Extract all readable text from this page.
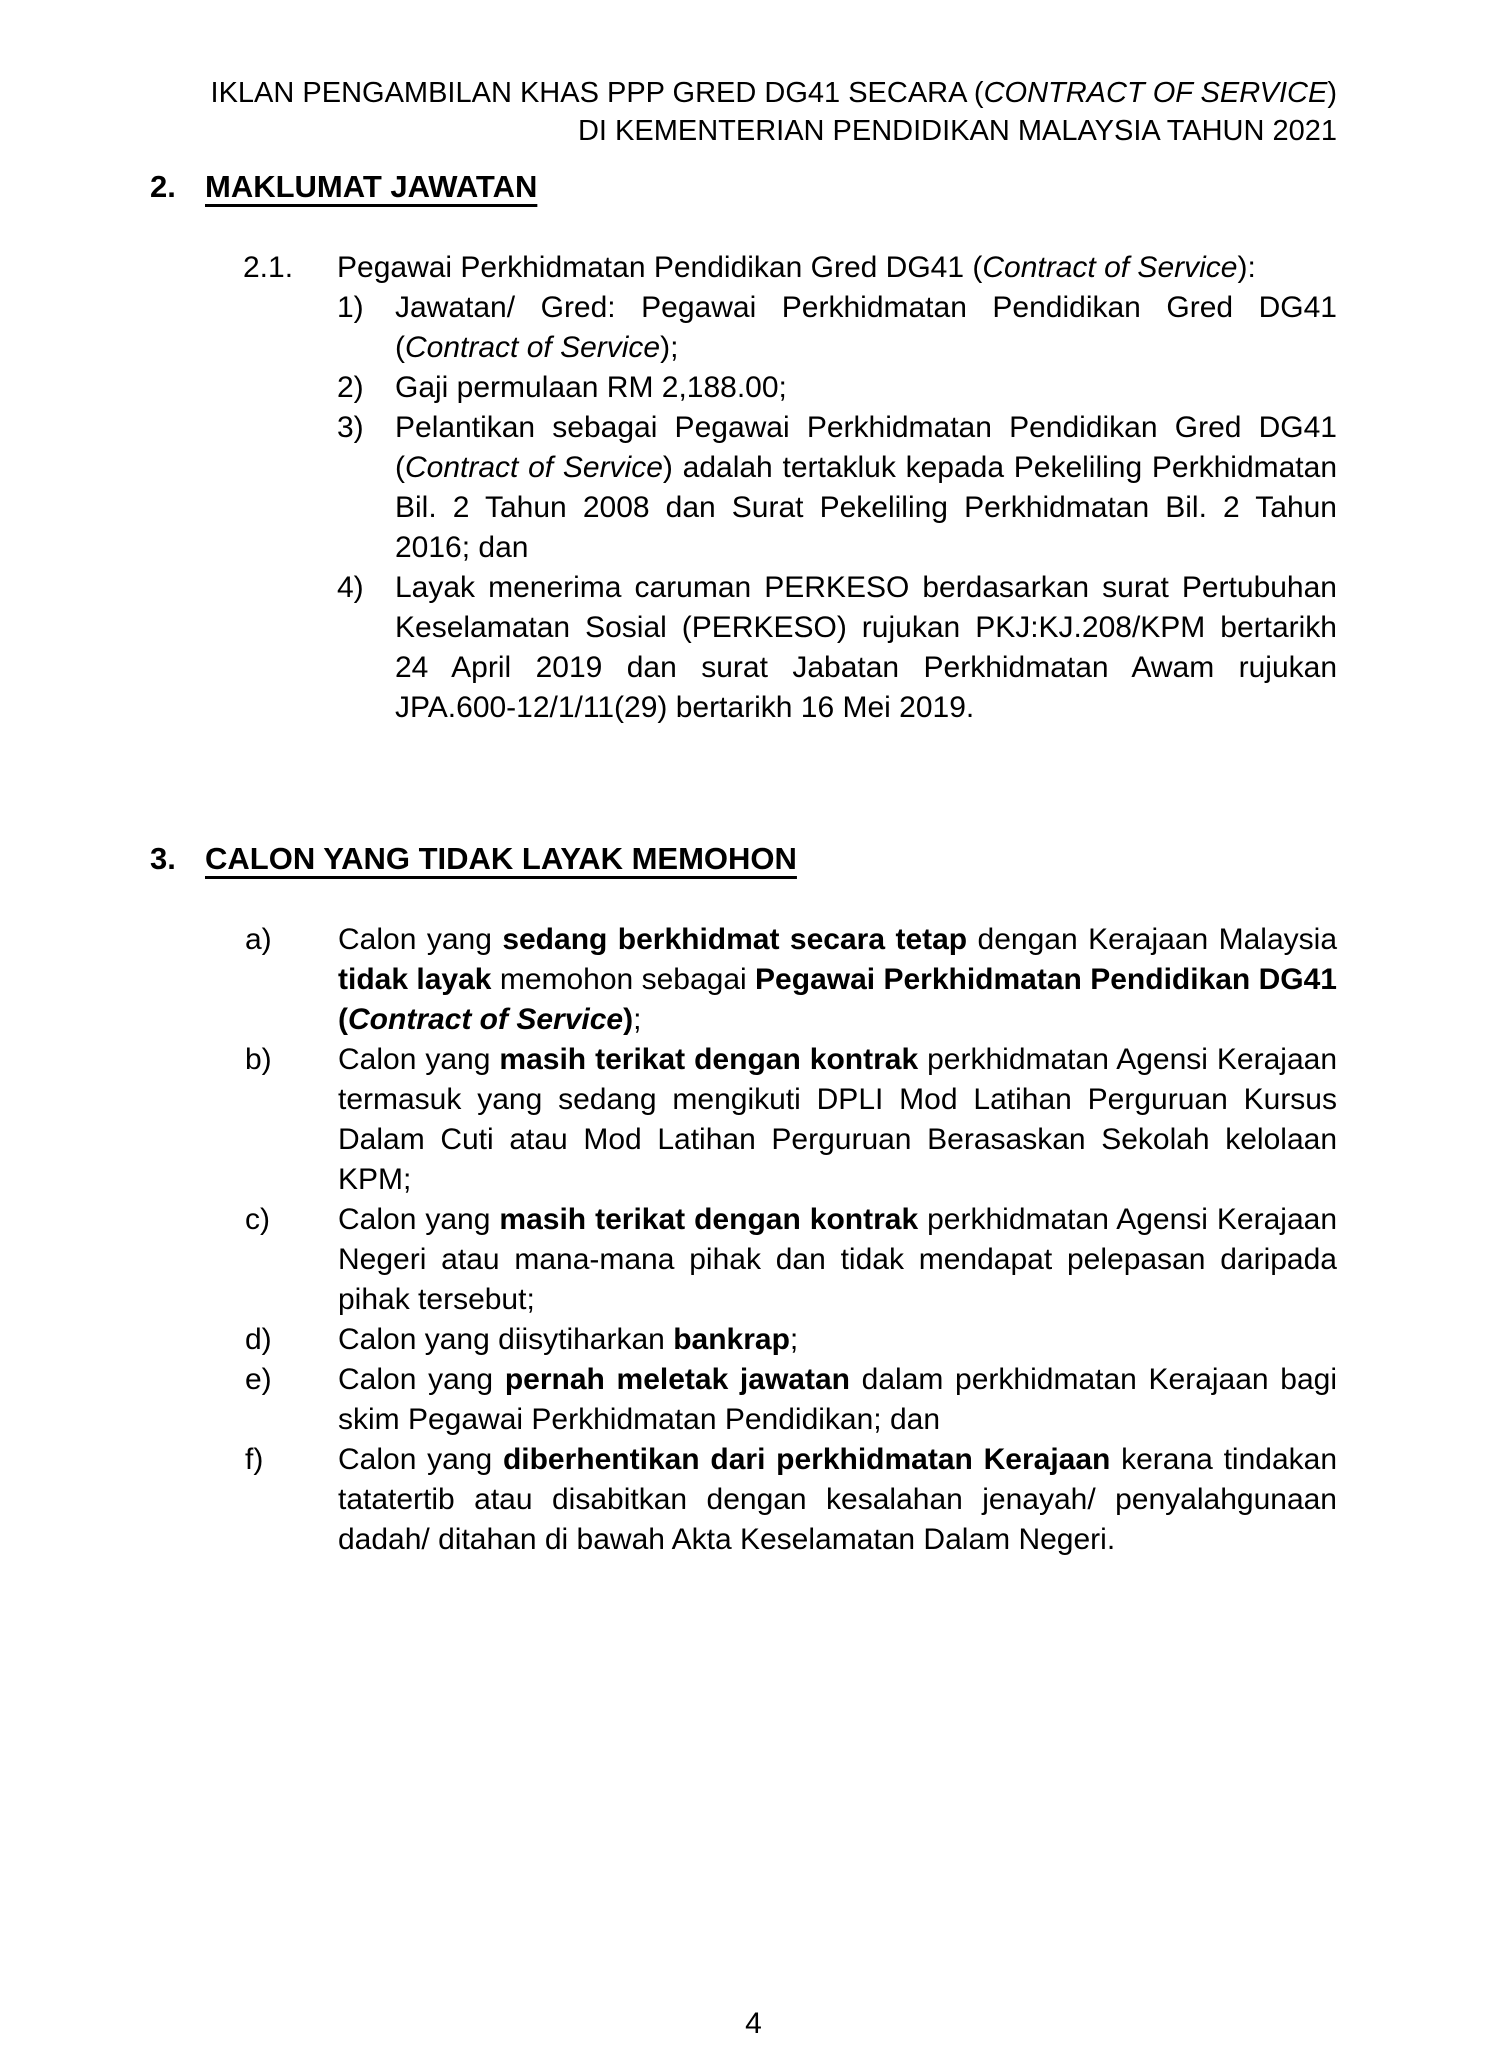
IKLAN PENGAMBILAN KHAS PPP GRED DG41 SECARA (CONTRACT OF SERVICE)
DI KEMENTERIAN PENDIDIKAN MALAYSIA TAHUN 2021
2. MAKLUMAT JAWATAN
2.1.	Pegawai Perkhidmatan Pendidikan Gred DG41 (Contract of Service):
1)	Jawatan/ Gred: Pegawai Perkhidmatan Pendidikan Gred DG41 (Contract of Service);
2)	Gaji permulaan RM 2,188.00;
3)	Pelantikan sebagai Pegawai Perkhidmatan Pendidikan Gred DG41 (Contract of Service) adalah tertakluk kepada Pekeliling Perkhidmatan Bil. 2 Tahun 2008 dan Surat Pekeliling Perkhidmatan Bil. 2 Tahun 2016; dan
4)	Layak menerima caruman PERKESO berdasarkan surat Pertubuhan Keselamatan Sosial (PERKESO) rujukan PKJ:KJ.208/KPM bertarikh 24 April 2019 dan surat Jabatan Perkhidmatan Awam rujukan JPA.600-12/1/11(29) bertarikh 16 Mei 2019.
3. CALON YANG TIDAK LAYAK MEMOHON
a)	Calon yang sedang berkhidmat secara tetap dengan Kerajaan Malaysia tidak layak memohon sebagai Pegawai Perkhidmatan Pendidikan DG41 (Contract of Service);
b)	Calon yang masih terikat dengan kontrak perkhidmatan Agensi Kerajaan termasuk yang sedang mengikuti DPLI Mod Latihan Perguruan Kursus Dalam Cuti atau Mod Latihan Perguruan Berasaskan Sekolah kelolaan KPM;
c)	Calon yang masih terikat dengan kontrak perkhidmatan Agensi Kerajaan Negeri atau mana-mana pihak dan tidak mendapat pelepasan daripada pihak tersebut;
d)	Calon yang diisytiharkan bankrap;
e)	Calon yang pernah meletak jawatan dalam perkhidmatan Kerajaan bagi skim Pegawai Perkhidmatan Pendidikan; dan
f)	Calon yang diberhentikan dari perkhidmatan Kerajaan kerana tindakan tatatertib atau disabitkan dengan kesalahan jenayah/ penyalahgunaan dadah/ ditahan di bawah Akta Keselamatan Dalam Negeri.
4
